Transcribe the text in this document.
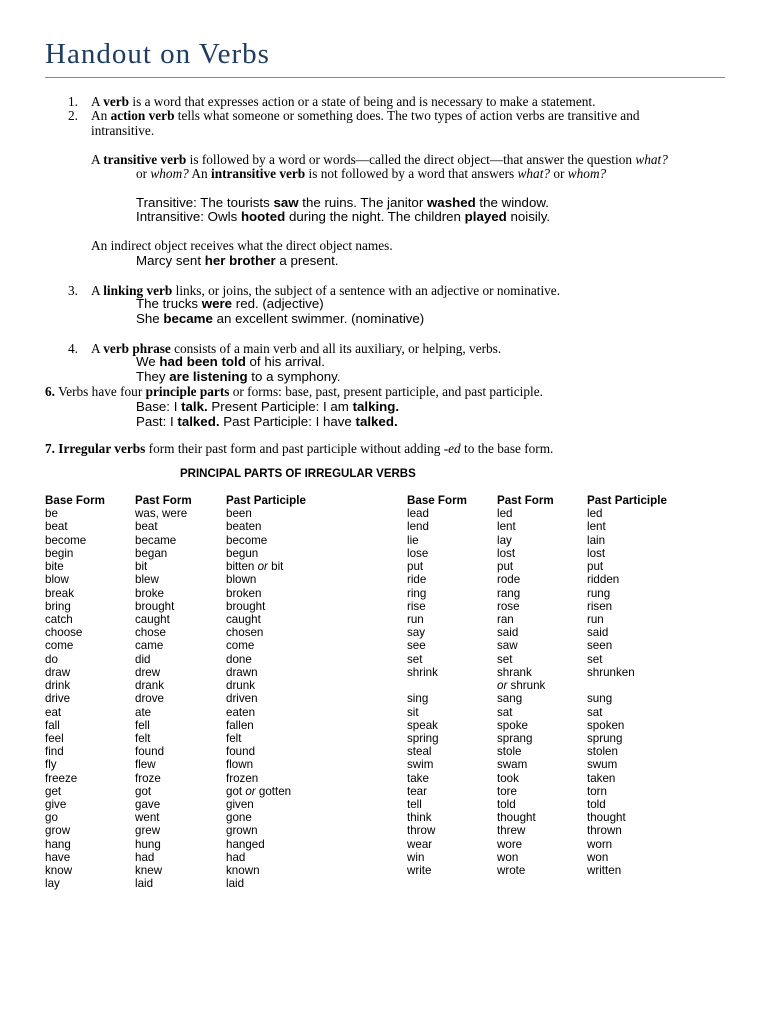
Handout on Verbs
1. A verb is a word that expresses action or a state of being and is necessary to make a statement.
2. An action verb tells what someone or something does. The two types of action verbs are transitive and
intransitive.
A transitive verb is followed by a word or words—called the direct object—that answer the question what?
or whom? An intransitive verb is not followed by a word that answers what? or whom?
Transitive: The tourists saw the ruins. The janitor washed the window.
Intransitive: Owls hooted during the night. The children played noisily.
An indirect object receives what the direct object names.
Marcy sent her brother a present.
3. A linking verb links, or joins, the subject of a sentence with an adjective or nominative.
The trucks were red. (adjective)
She became an excellent swimmer. (nominative)
4. A verb phrase consists of a main verb and all its auxiliary, or helping, verbs.
We had been told of his arrival.
They are listening to a symphony.
6. Verbs have four principle parts or forms: base, past, present participle, and past participle.
Base: I talk. Present Participle: I am talking.
Past: I talked. Past Participle: I have talked.
7. Irregular verbs form their past form and past participle without adding -ed to the base form.
PRINCIPAL PARTS OF IRREGULAR VERBS
Base Form
be
beat
become
begin
bite
blow
break
bring
catch
choose
come
do
draw
drink
drive
eat
fall
feel
find
fly
freeze
get
give
go
grow
hang
have
know
lay
Past Form
was, were
beat
became
began
bit
blew
broke
brought
caught
chose
came
did
drew
drank
drove
ate
fell
felt
found
flew
froze
got
gave
went
grew
hung
had
knew
laid
Past Participle
been
beaten
become
begun
bitten or bit
blown
broken
brought
caught
chosen
come
done
drawn
drunk
driven
eaten
fallen
felt
found
flown
frozen
got or gotten
given
gone
grown
hanged
had
known
laid
Base Form
lead
lend
lie
lose
put
ride
ring
rise
run
say
see
set
shrink
sing
sit
speak
spring
steal
swim
take
tear
tell
think
throw
wear
win
write
Past Form
led
lent
lay
lost
put
rode
rang
rose
ran
said
saw
set
shrank
or shrunk
sang
sat
spoke
sprang
stole
swam
took
tore
told
thought
threw
wore
won
wrote
Past Participle
led
lent
lain
lost
put
ridden
rung
risen
run
said
seen
set
shrunken
sung
sat
spoken
sprung
stolen
swum
taken
torn
told
thought
thrown
worn
won
written
